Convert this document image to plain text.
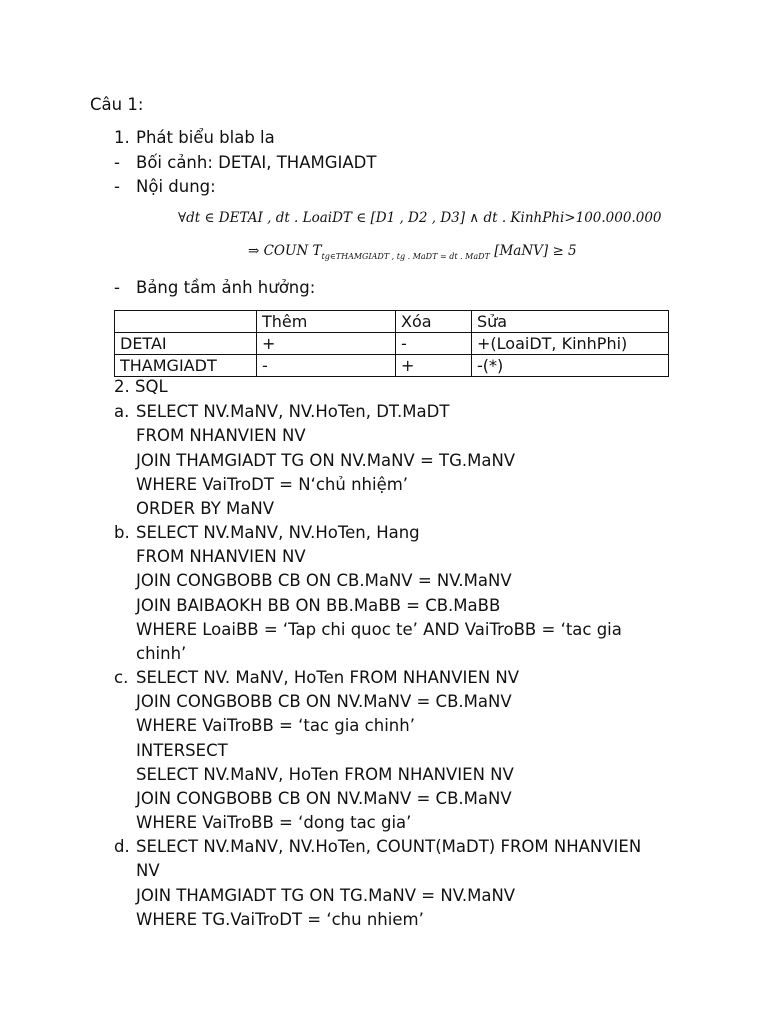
Câu 1:
1. Phát biểu blab la
- Bối cảnh: DETAI, THAMGIADT
- Nội dung:
∀dt ∈ DETAI , dt . LoaiDT ∈ [D1 , D2 , D3] ∧ dt . KinhPhi>100.000.000
⇒ COUN $T_{tg\in THAMGIADT , tg . MaDT = dt . MaDT}$ [MaNV] ≥ 5
- Bảng tầm ảnh hưởng:
	Thêm	Xóa	Sửa
DETAI	+	-	+(LoaiDT, KinhPhi)
THAMGIADT	-	+	-(*)
2. SQL
a. SELECT NV.MaNV, NV.HoTen, DT.MaDT
FROM NHANVIEN NV
JOIN THAMGIADT TG ON NV.MaNV = TG.MaNV
WHERE VaiTroDT = N‘chủ nhiệm’
ORDER BY MaNV
b. SELECT NV.MaNV, NV.HoTen, Hang
FROM NHANVIEN NV
JOIN CONGBOBB CB ON CB.MaNV = NV.MaNV
JOIN BAIBAOKH BB ON BB.MaBB = CB.MaBB
WHERE LoaiBB = ‘Tap chi quoc te’ AND VaiTroBB = ‘tac gia
chinh’
c. SELECT NV. MaNV, HoTen FROM NHANVIEN NV
JOIN CONGBOBB CB ON NV.MaNV = CB.MaNV
WHERE VaiTroBB = ‘tac gia chinh’
INTERSECT
SELECT NV.MaNV, HoTen FROM NHANVIEN NV
JOIN CONGBOBB CB ON NV.MaNV = CB.MaNV
WHERE VaiTroBB = ‘dong tac gia’
d. SELECT NV.MaNV, NV.HoTen, COUNT(MaDT) FROM NHANVIEN
NV
JOIN THAMGIADT TG ON TG.MaNV = NV.MaNV
WHERE TG.VaiTroDT = ‘chu nhiem’
